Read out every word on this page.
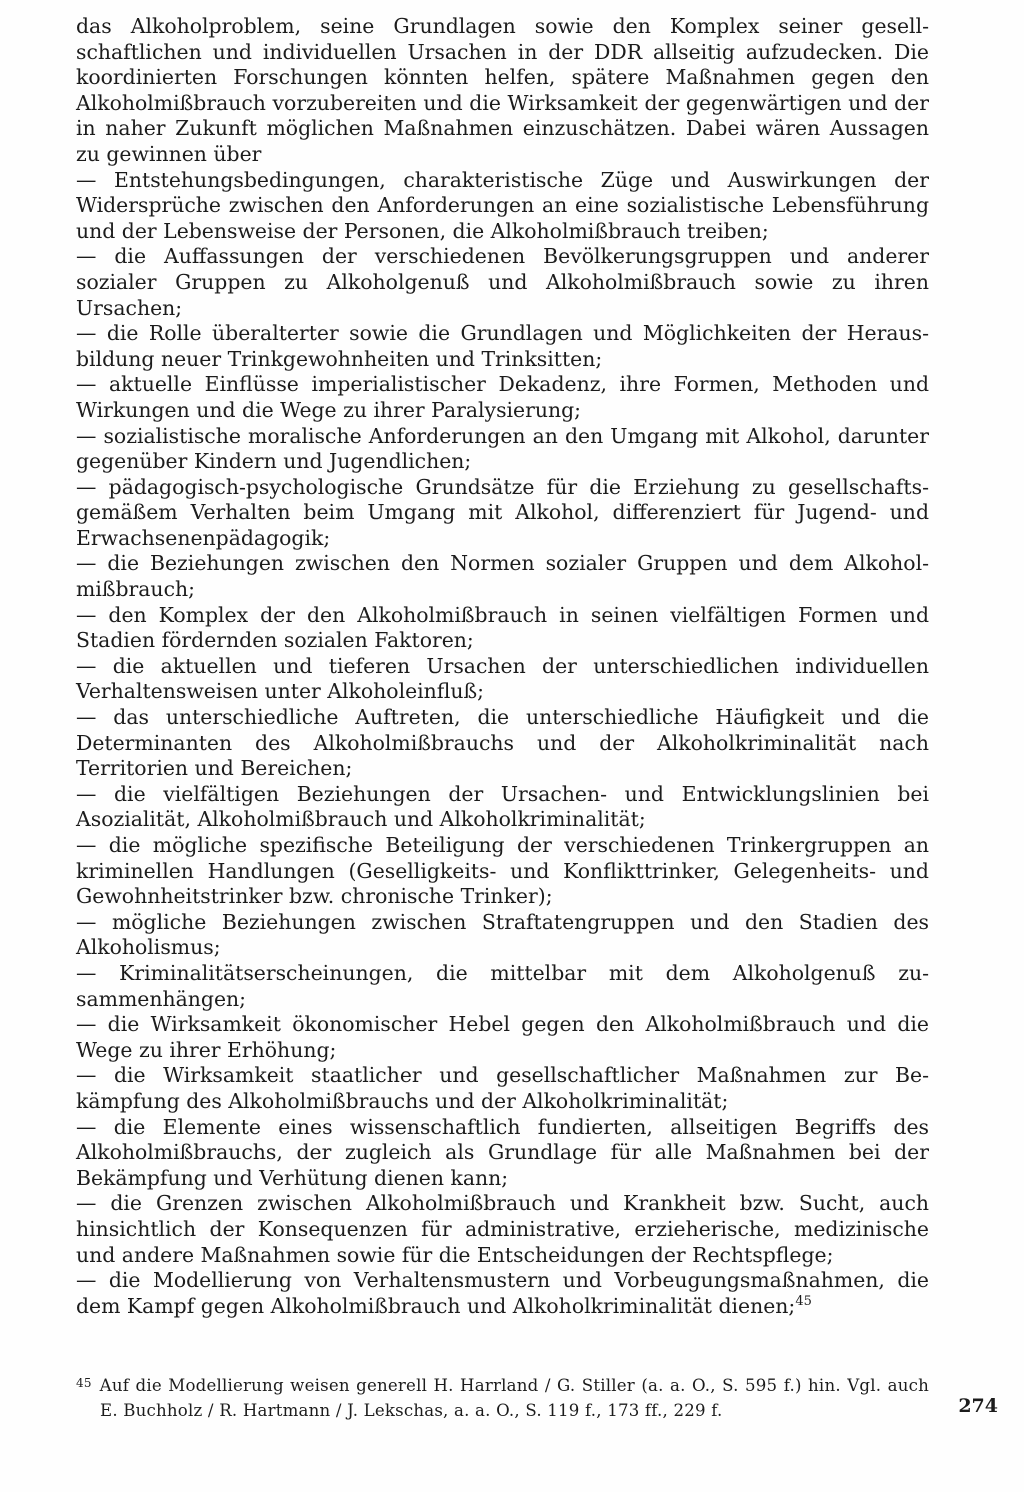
das Alkoholproblem, seine Grundlagen sowie den Komplex seiner gesellschaftlichen und individuellen Ursachen in der DDR allseitig aufzudecken. Die koordinierten Forschungen könnten helfen, spätere Maßnahmen gegen den Alkoholmißbrauch vorzubereiten und die Wirksamkeit der gegenwärtigen und der in naher Zukunft möglichen Maßnahmen einzuschätzen. Dabei wären Aussagen zu gewinnen über

— Entstehungsbedingungen, charakteristische Züge und Auswirkungen der Widersprüche zwischen den Anforderungen an eine sozialistische Lebensführung und der Lebensweise der Personen, die Alkoholmißbrauch treiben;

— die Auffassungen der verschiedenen Bevölkerungsgruppen und anderer sozialer Gruppen zu Alkoholgenuß und Alkoholmißbrauch sowie zu ihren Ursachen;

— die Rolle überalterter sowie die Grundlagen und Möglichkeiten der Herausbildung neuer Trinkgewohnheiten und Trinksitten;

— aktuelle Einflüsse imperialistischer Dekadenz, ihre Formen, Methoden und Wirkungen und die Wege zu ihrer Paralysierung;

— sozialistische moralische Anforderungen an den Umgang mit Alkohol, darunter gegenüber Kindern und Jugendlichen;

— pädagogisch-psychologische Grundsätze für die Erziehung zu gesellschaftsgemäßem Verhalten beim Umgang mit Alkohol, differenziert für Jugend- und Erwachsenenpädagogik;

— die Beziehungen zwischen den Normen sozialer Gruppen und dem Alkoholmißbrauch;

— den Komplex der den Alkoholmißbrauch in seinen vielfältigen Formen und Stadien fördernden sozialen Faktoren;

— die aktuellen und tieferen Ursachen der unterschiedlichen individuellen Verhaltensweisen unter Alkoholeinfluß;

— das unterschiedliche Auftreten, die unterschiedliche Häufigkeit und die Determinanten des Alkoholmißbrauchs und der Alkoholkriminalität nach Territorien und Bereichen;

— die vielfältigen Beziehungen der Ursachen- und Entwicklungslinien bei Asozialität, Alkoholmißbrauch und Alkoholkriminalität;

— die mögliche spezifische Beteiligung der verschiedenen Trinkergruppen an kriminellen Handlungen (Geselligkeits- und Konflikttrinker, Gelegenheits- und Gewohnheitstrinker bzw. chronische Trinker);

— mögliche Beziehungen zwischen Straftatengruppen und den Stadien des Alkoholismus;

— Kriminalitätserscheinungen, die mittelbar mit dem Alkoholgenuß zusammenhängen;

— die Wirksamkeit ökonomischer Hebel gegen den Alkoholmißbrauch und die Wege zu ihrer Erhöhung;

— die Wirksamkeit staatlicher und gesellschaftlicher Maßnahmen zur Bekämpfung des Alkoholmißbrauchs und der Alkoholkriminalität;

— die Elemente eines wissenschaftlich fundierten, allseitigen Begriffs des Alkoholmißbrauchs, der zugleich als Grundlage für alle Maßnahmen bei der Bekämpfung und Verhütung dienen kann;

— die Grenzen zwischen Alkoholmißbrauch und Krankheit bzw. Sucht, auch hinsichtlich der Konsequenzen für administrative, erzieherische, medizinische und andere Maßnahmen sowie für die Entscheidungen der Rechtspflege;

— die Modellierung von Verhaltensmustern und Vorbeugungsmaßnahmen, die dem Kampf gegen Alkoholmißbrauch und Alkoholkriminalität dienen;$^{45}$

$^{45}$ Auf die Modellierung weisen generell H. Harrland / G. Stiller (a. a. O., S. 595 f.) hin. Vgl. auch E. Buchholz / R. Hartmann / J. Lekschas, a. a. O., S. 119 f., 173 ff., 229 f.	274
